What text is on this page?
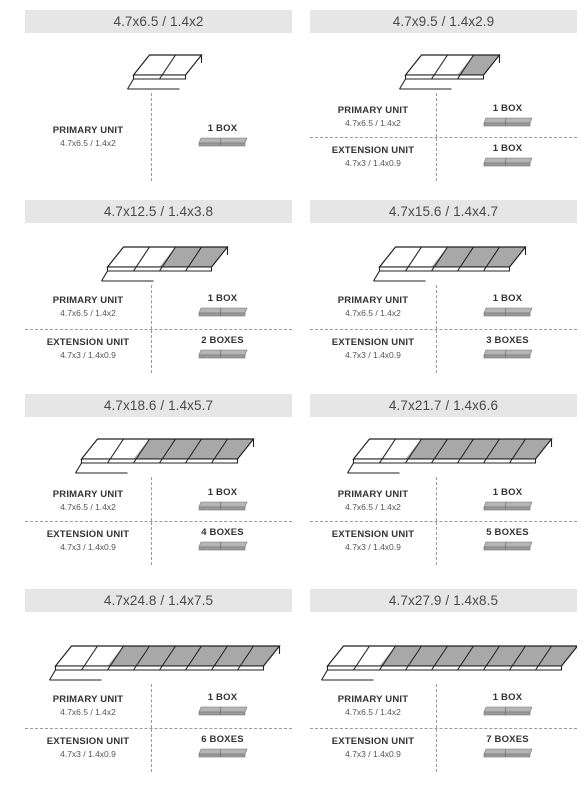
4.7x6.5 / 1.4x2
PRIMARY UNIT
4.7x6.5 / 1.4x2
1 BOX
4.7x9.5 / 1.4x2.9
PRIMARY UNIT
4.7x6.5 / 1.4x2
1 BOX
EXTENSION UNIT
4.7x3 / 1.4x0.9
1 BOX
4.7x12.5 / 1.4x3.8
PRIMARY UNIT
4.7x6.5 / 1.4x2
1 BOX
EXTENSION UNIT
4.7x3 / 1.4x0.9
2 BOXES
4.7x15.6 / 1.4x4.7
PRIMARY UNIT
4.7x6.5 / 1.4x2
1 BOX
EXTENSION UNIT
4.7x3 / 1.4x0.9
3 BOXES
4.7x18.6 / 1.4x5.7
PRIMARY UNIT
4.7x6.5 / 1.4x2
1 BOX
EXTENSION UNIT
4.7x3 / 1.4x0.9
4 BOXES
4.7x21.7 / 1.4x6.6
PRIMARY UNIT
4.7x6.5 / 1.4x2
1 BOX
EXTENSION UNIT
4.7x3 / 1.4x0.9
5 BOXES
4.7x24.8 / 1.4x7.5
PRIMARY UNIT
4.7x6.5 / 1.4x2
1 BOX
EXTENSION UNIT
4.7x3 / 1.4x0.9
6 BOXES
4.7x27.9 / 1.4x8.5
PRIMARY UNIT
4.7x6.5 / 1.4x2
1 BOX
EXTENSION UNIT
4.7x3 / 1.4x0.9
7 BOXES
